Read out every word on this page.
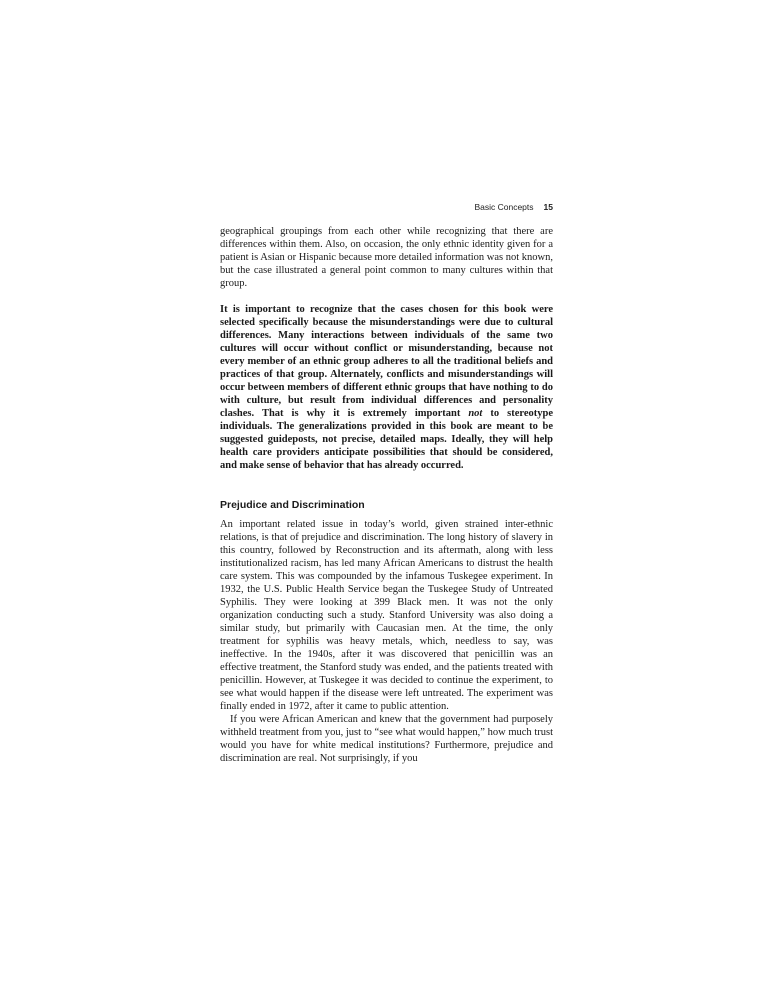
Basic Concepts 15

geographical groupings from each other while recognizing that there are differences within them. Also, on occasion, the only ethnic identity given for a patient is Asian or Hispanic because more detailed information was not known, but the case illustrated a general point common to many cultures within that group.

It is important to recognize that the cases chosen for this book were selected specifically because the misunderstandings were due to cultural differences. Many interactions between individuals of the same two cultures will occur without conflict or misunderstanding, because not every member of an ethnic group adheres to all the traditional beliefs and practices of that group. Alternately, conflicts and misunderstandings will occur between members of different ethnic groups that have nothing to do with culture, but result from individual differences and personality clashes. That is why it is extremely important not to stereotype individuals. The generalizations provided in this book are meant to be suggested guideposts, not precise, detailed maps. Ideally, they will help health care providers anticipate possibilities that should be considered, and make sense of behavior that has already occurred.

Prejudice and Discrimination

An important related issue in today’s world, given strained inter-ethnic relations, is that of prejudice and discrimination. The long history of slavery in this country, followed by Reconstruction and its aftermath, along with less institutionalized racism, has led many African Americans to distrust the health care system. This was compounded by the infamous Tuskegee experiment. In 1932, the U.S. Public Health Service began the Tuskegee Study of Untreated Syphilis. They were looking at 399 Black men. It was not the only organization conducting such a study. Stanford University was also doing a similar study, but primarily with Caucasian men. At the time, the only treatment for syphilis was heavy metals, which, needless to say, was ineffective. In the 1940s, after it was discovered that penicillin was an effective treatment, the Stanford study was ended, and the patients treated with penicillin. However, at Tuskegee it was decided to continue the experiment, to see what would happen if the disease were left untreated. The experiment was finally ended in 1972, after it came to public attention.

If you were African American and knew that the government had purposely withheld treatment from you, just to “see what would happen,” how much trust would you have for white medical institutions? Furthermore, prejudice and discrimination are real. Not surprisingly, if you
